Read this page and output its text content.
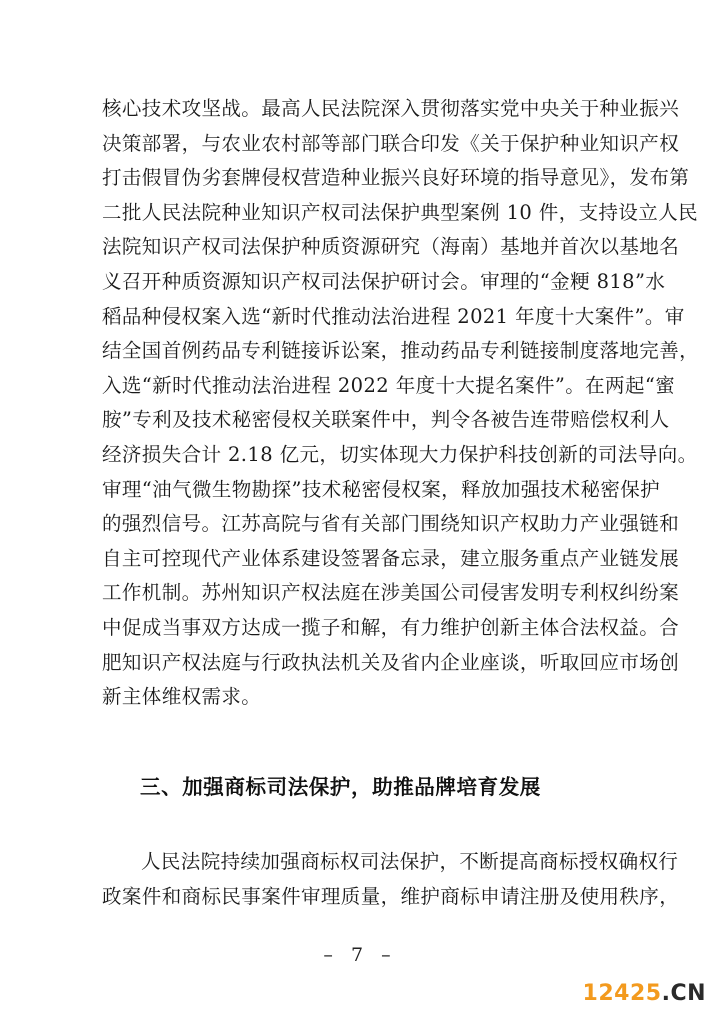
核心技术攻坚战。最高人民法院深入贯彻落实党中央关于种业振兴
决策部署，与农业农村部等部门联合印发《关于保护种业知识产权
打击假冒伪劣套牌侵权营造种业振兴良好环境的指导意见》，发布第
二批人民法院种业知识产权司法保护典型案例 10 件，支持设立人民
法院知识产权司法保护种质资源研究（海南）基地并首次以基地名
义召开种质资源知识产权司法保护研讨会。审理的“金粳 818”水
稻品种侵权案入选“新时代推动法治进程 2021 年度十大案件”。审
结全国首例药品专利链接诉讼案，推动药品专利链接制度落地完善，
入选“新时代推动法治进程 2022 年度十大提名案件”。在两起“蜜
胺”专利及技术秘密侵权关联案件中，判令各被告连带赔偿权利人
经济损失合计 2.18 亿元，切实体现大力保护科技创新的司法导向。
审理“油气微生物勘探”技术秘密侵权案，释放加强技术秘密保护
的强烈信号。江苏高院与省有关部门围绕知识产权助力产业强链和
自主可控现代产业体系建设签署备忘录，建立服务重点产业链发展
工作机制。苏州知识产权法庭在涉美国公司侵害发明专利权纠纷案
中促成当事双方达成一揽子和解，有力维护创新主体合法权益。合
肥知识产权法庭与行政执法机关及省内企业座谈，听取回应市场创
新主体维权需求。
三、加强商标司法保护，助推品牌培育发展
人民法院持续加强商标权司法保护，不断提高商标授权确权行
政案件和商标民事案件审理质量，维护商标申请注册及使用秩序，
– 7 –
12425.CN
